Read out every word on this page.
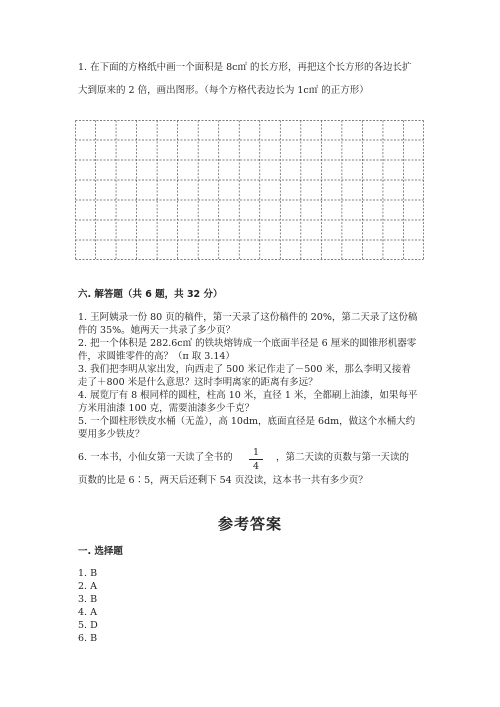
1. 在下面的方格纸中画一个面积是 8c㎡ 的长方形，再把这个长方形的各边长扩
大到原来的 2 倍，画出图形。（每个方格代表边长为 1c㎡ 的正方形）
六. 解答题（共 6 题，共 32 分）
1. 王阿姨录一份 80 页的稿件，第一天录了这份稿件的 20%，第二天录了这份稿
件的 35%。她两天一共录了多少页？
2. 把一个体积是 282.6c㎥ 的铁块熔铸成一个底面半径是 6 厘米的圆锥形机器零
件，求圆锥零件的高？（π 取 3.14）
3. 我们把李明从家出发，向西走了 500 米记作走了－500 米，那么李明又接着
走了＋800 米是什么意思？这时李明离家的距离有多远？
4. 展览厅有 8 根同样的圆柱，柱高 10 米，直径 1 米，全都刷上油漆，如果每平
方米用油漆 100 克，需要油漆多少千克？
5. 一个圆柱形铁皮水桶（无盖），高 10dm，底面直径是 6dm，做这个水桶大约
要用多少铁皮？
6. 一本书，小仙女第一天读了全书的	1
4
，第二天读的页数与第一天读的
页数的比是 6∶5，两天后还剩下 54 页没读，这本书一共有多少页？
参考答案
一. 选择题
1. B
2. A
3. B
4. A
5. D
6. B
